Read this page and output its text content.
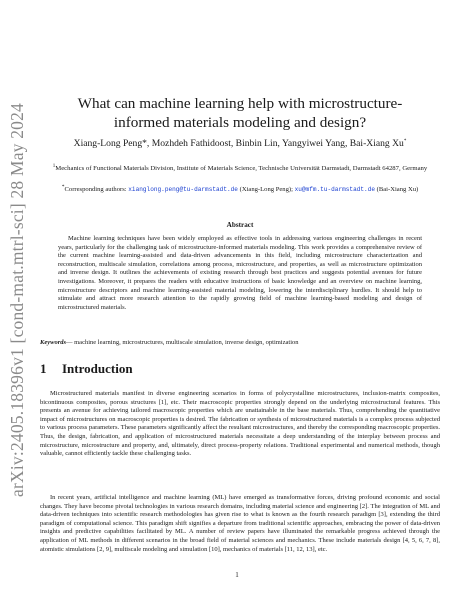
arXiv:2405.18396v1 [cond-mat.mtrl-sci] 28 May 2024	What can machine learning help with microstructure-informed materials modeling and design?
Xiang-Long Peng*, Mozhdeh Fathidoost, Binbin Lin, Yangyiwei Yang, Bai-Xiang Xu*
$^1$Mechanics of Functional Materials Division, Institute of Materials Science, Technische Universität Darmstadt, Darmstadt 64287, Germany
*Corresponding authors: xianglong.peng@tu-darmstadt.de (Xiang-Long Peng); xu@mfm.tu-darmstadt.de (Bai-Xiang Xu)
Abstract

Machine learning techniques have been widely employed as effective tools in addressing various engineering challenges in recent years, particularly for the challenging task of microstructure-informed materials modeling. This work provides a comprehensive review of the current machine learning-assisted and data-driven advancements in this field, including microstructure characterization and reconstruction, multiscale simulation, correlations among process, microstructure, and properties, as well as microstructure optimization and inverse design. It outlines the achievements of existing research through best practices and suggests potential avenues for future investigations. Moreover, it prepares the readers with educative instructions of basic knowledge and an overview on machine learning, microstructure descriptors and machine learning-assisted material modeling, lowering the interdisciplinary hurdles. It should help to stimulate and attract more research attention to the rapidly growing field of machine learning-based modeling and design of microstructured materials.

Keywords— machine learning, microstructures, multiscale simulation, inverse design, optimization
1 Introduction

Microstructured materials manifest in diverse engineering scenarios in forms of polycrystalline microstructures, inclusion-matrix composites, bicontinuous composites, porous structures [1], etc. Their macroscopic properties strongly depend on the underlying microstructural features. This presents an avenue for achieving tailored macroscopic properties which are unattainable in the base materials. Thus, comprehending the quantitative impact of microstructures on macroscopic properties is desired. The fabrication or synthesis of microstructured materials is a complex process subjected to various process parameters. These parameters significantly affect the resultant microstructures, and thereby the corresponding macroscopic properties. Thus, the design, fabrication, and application of microstructured materials necessitate a deep understanding of the interplay between process and microstructure, microstructure and property, and, ultimately, direct process-property relations. Traditional experimental and numerical methods, though valuable, cannot efficiently tackle these challenging tasks.

In recent years, artificial intelligence and machine learning (ML) have emerged as transformative forces, driving profound economic and social changes. They have become pivotal technologies in various research domains, including material science and engineering [2]. The integration of ML and data-driven techniques into scientific research methodologies has given rise to what is known as the fourth research paradigm [3], extending the third paradigm of computational science. This paradigm shift signifies a departure from traditional scientific approaches, embracing the power of data-driven insights and predictive capabilities facilitated by ML. A number of review papers have illuminated the remarkable progress achieved through the application of ML methods in different scenarios in the broad field of material sciences and mechanics. These include materials design [4, 5, 6, 7, 8], atomistic simulations [2, 9], multiscale modeling and simulation [10], mechanics of materials [11, 12, 13], etc.

1
